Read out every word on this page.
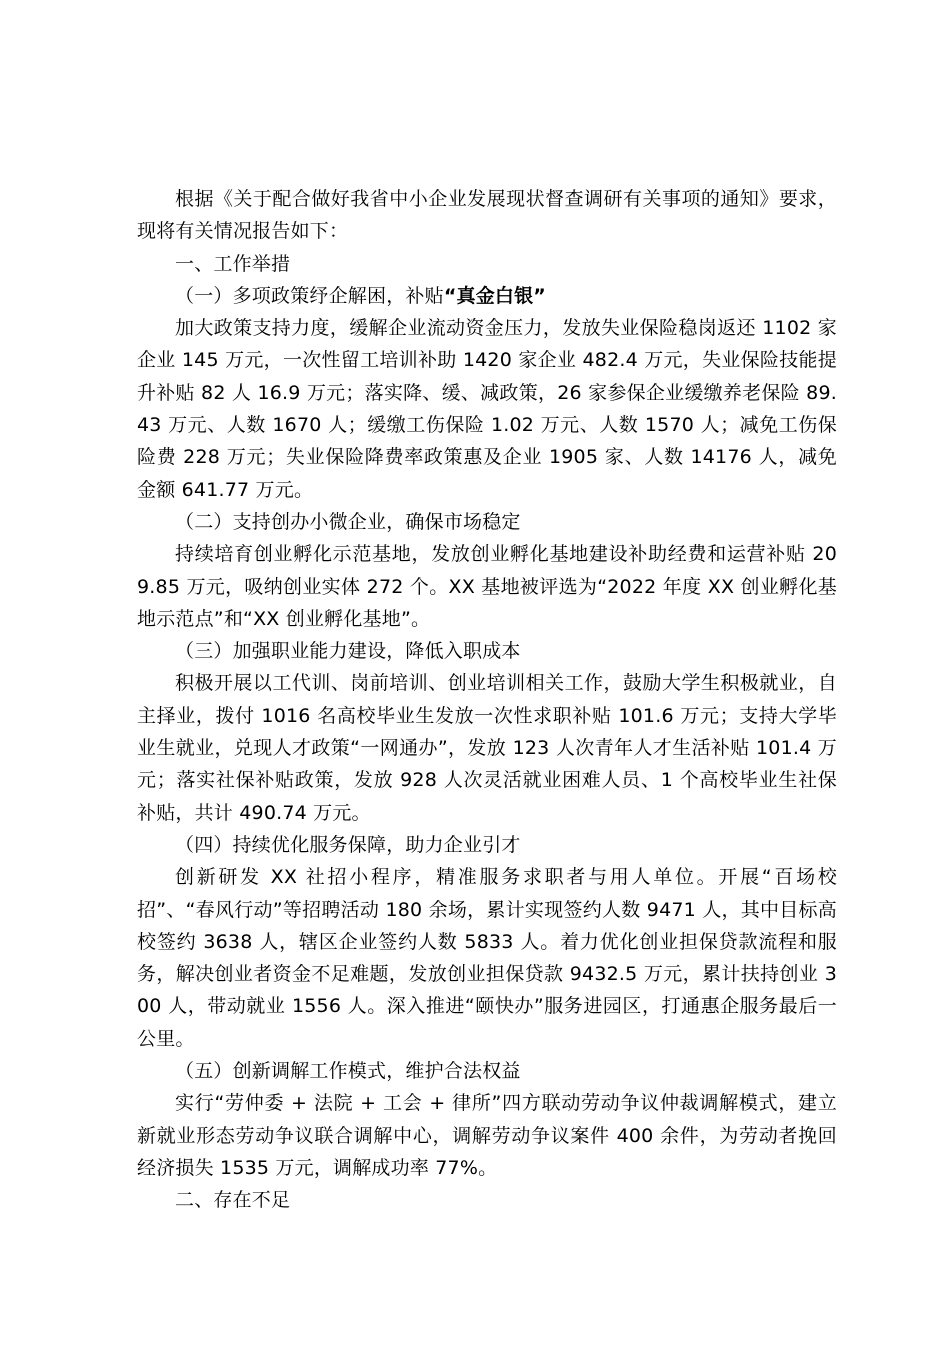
根据《关于配合做好我省中小企业发展现状督查调研有关事项的通知》要求，现将有关情况报告如下：

一、工作举措

（一）多项政策纾企解困，补贴“真金白银”

加大政策支持力度，缓解企业流动资金压力，发放失业保险稳岗返还 1102 家企业 145 万元，一次性留工培训补助 1420 家企业 482.4 万元，失业保险技能提升补贴 82 人 16.9 万元；落实降、缓、减政策，26 家参保企业缓缴养老保险 89.43 万元、人数 1670 人；缓缴工伤保险 1.02 万元、人数 1570 人；减免工伤保险费 228 万元；失业保险降费率政策惠及企业 1905 家、人数 14176 人，减免金额 641.77 万元。

（二）支持创办小微企业，确保市场稳定

持续培育创业孵化示范基地，发放创业孵化基地建设补助经费和运营补贴 209.85 万元，吸纳创业实体 272 个。XX 基地被评选为“2022 年度 XX 创业孵化基地示范点”和“XX 创业孵化基地”。

（三）加强职业能力建设，降低入职成本

积极开展以工代训、岗前培训、创业培训相关工作，鼓励大学生积极就业，自主择业，拨付 1016 名高校毕业生发放一次性求职补贴 101.6 万元；支持大学毕业生就业，兑现人才政策“一网通办”，发放 123 人次青年人才生活补贴 101.4 万元；落实社保补贴政策，发放 928 人次灵活就业困难人员、1 个高校毕业生社保补贴，共计 490.74 万元。

（四）持续优化服务保障，助力企业引才

创新研发 XX 社招小程序，精准服务求职者与用人单位。开展“百场校招”、“春风行动”等招聘活动 180 余场，累计实现签约人数 9471 人，其中目标高校签约 3638 人，辖区企业签约人数 5833 人。着力优化创业担保贷款流程和服务，解决创业者资金不足难题，发放创业担保贷款 9432.5 万元，累计扶持创业 300 人，带动就业 1556 人。深入推进“颐快办”服务进园区，打通惠企服务最后一公里。

（五）创新调解工作模式，维护合法权益

实行“劳仲委 + 法院 + 工会 + 律所”四方联动劳动争议仲裁调解模式，建立新就业形态劳动争议联合调解中心，调解劳动争议案件 400 余件，为劳动者挽回经济损失 1535 万元，调解成功率 77%。

二、存在不足
